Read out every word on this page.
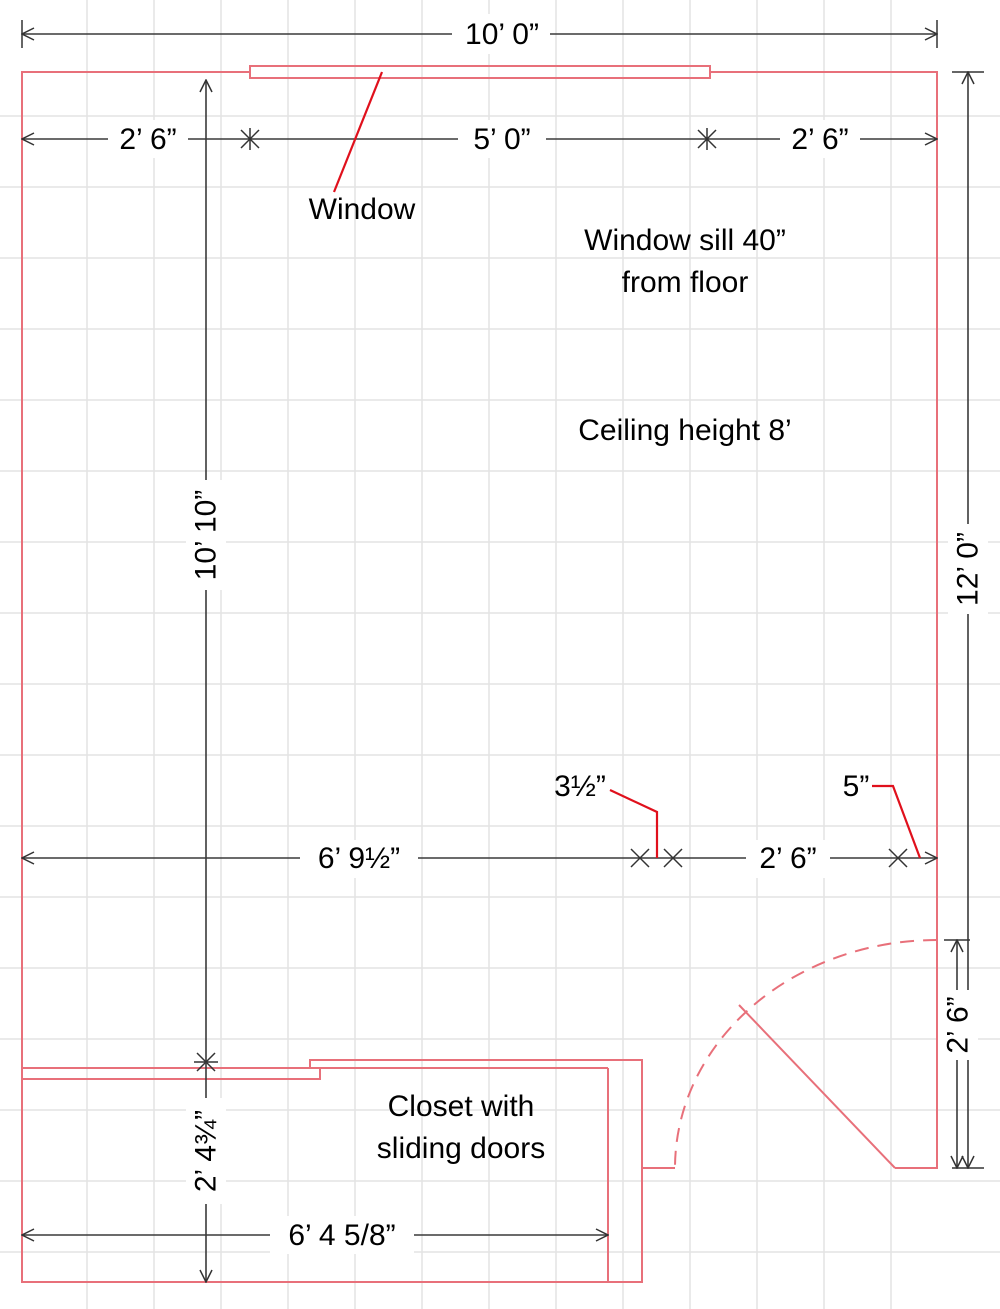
10’ 0”
2’ 6”	5’ 0”	2’ 6”
Window
Window sill 40”
from floor
Ceiling height 8’
10’ 10”	12’ 0”
3½”	5”
6’ 9½”	2’ 6”
2’ 6”
Closet with
sliding doors
2’ 4¾”
6’ 4 5/8”
